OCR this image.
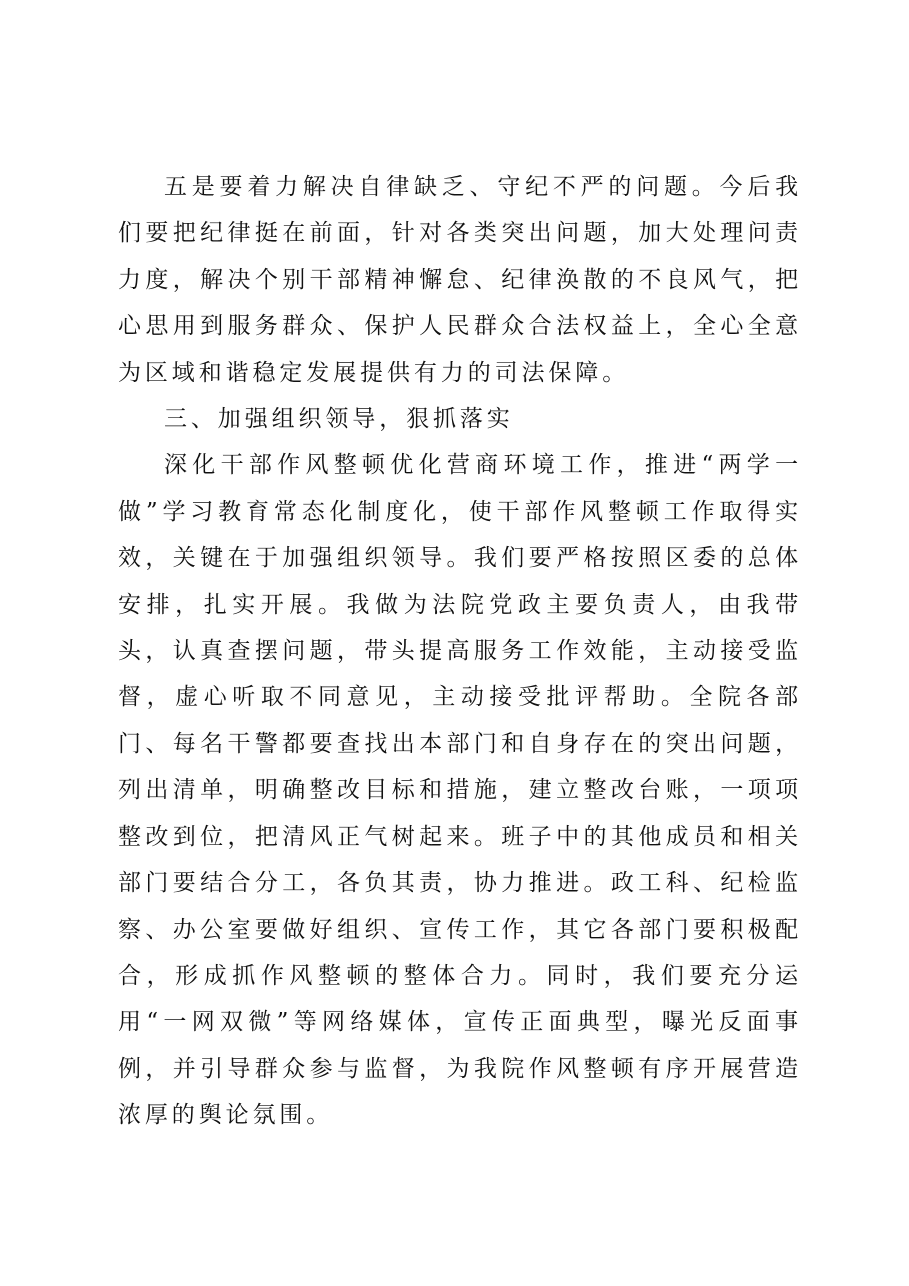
五是要着力解决自律缺乏、守纪不严的问题。今后我们要把纪律挺在前面，针对各类突出问题，加大处理问责力度，解决个别干部精神懈怠、纪律涣散的不良风气，把心思用到服务群众、保护人民群众合法权益上，全心全意为区域和谐稳定发展提供有力的司法保障。

三、加强组织领导，狠抓落实

深化干部作风整顿优化营商环境工作，推进“两学一做”学习教育常态化制度化，使干部作风整顿工作取得实效，关键在于加强组织领导。我们要严格按照区委的总体安排，扎实开展。我做为法院党政主要负责人，由我带头，认真查摆问题，带头提高服务工作效能，主动接受监督，虚心听取不同意见，主动接受批评帮助。全院各部门、每名干警都要查找出本部门和自身存在的突出问题，列出清单，明确整改目标和措施，建立整改台账，一项项整改到位，把清风正气树起来。班子中的其他成员和相关部门要结合分工，各负其责，协力推进。政工科、纪检监察、办公室要做好组织、宣传工作，其它各部门要积极配合，形成抓作风整顿的整体合力。同时，我们要充分运用“一网双微”等网络媒体，宣传正面典型，曝光反面事例，并引导群众参与监督，为我院作风整顿有序开展营造浓厚的舆论氛围。
